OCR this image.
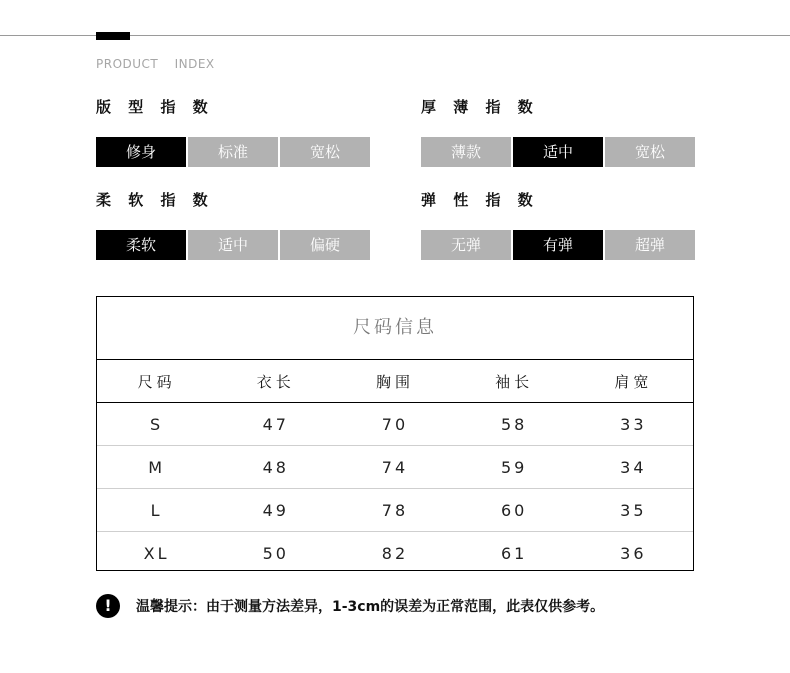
PRODUCT INDEX
版 型 指 数
修身	标准	宽松
厚 薄 指 数
薄款	适中	宽松
柔 软 指 数
柔软	适中	偏硬
弹 性 指 数
无弹	有弹	超弹
尺码信息
尺码	衣长	胸围	袖长	肩宽
S	47	70	58	33
M	48	74	59	34
L	49	78	60	35
XL	50	82	61	36
!	温馨提示：由于测量方法差异，1-3cm的误差为正常范围，此表仅供参考。
